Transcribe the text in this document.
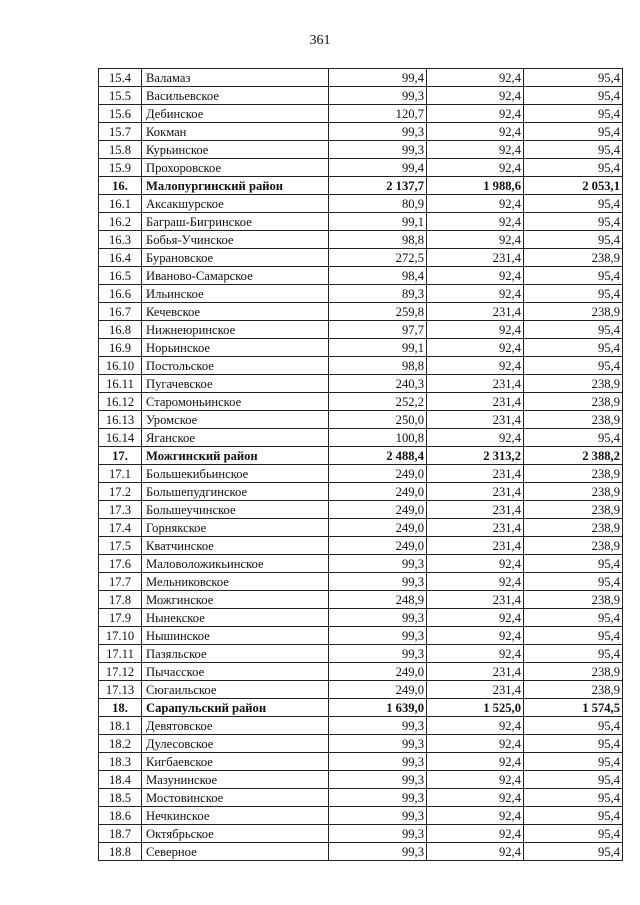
361
15.4	Валамаз	99,4	92,4	95,4
15.5	Васильевское	99,3	92,4	95,4
15.6	Дебинское	120,7	92,4	95,4
15.7	Кокман	99,3	92,4	95,4
15.8	Курьинское	99,3	92,4	95,4
15.9	Прохоровское	99,4	92,4	95,4
16.	Малопургинский район	2 137,7	1 988,6	2 053,1
16.1	Аксакшурское	80,9	92,4	95,4
16.2	Баграш-Бигринское	99,1	92,4	95,4
16.3	Бобья-Учинское	98,8	92,4	95,4
16.4	Бурановское	272,5	231,4	238,9
16.5	Иваново-Самарское	98,4	92,4	95,4
16.6	Ильинское	89,3	92,4	95,4
16.7	Кечевское	259,8	231,4	238,9
16.8	Нижнеюринское	97,7	92,4	95,4
16.9	Норьинское	99,1	92,4	95,4
16.10	Постольское	98,8	92,4	95,4
16.11	Пугачевское	240,3	231,4	238,9
16.12	Старомоньинское	252,2	231,4	238,9
16.13	Уромское	250,0	231,4	238,9
16.14	Яганское	100,8	92,4	95,4
17.	Можгинский район	2 488,4	2 313,2	2 388,2
17.1	Большекибьинское	249,0	231,4	238,9
17.2	Большепудгинское	249,0	231,4	238,9
17.3	Большеучинское	249,0	231,4	238,9
17.4	Горнякское	249,0	231,4	238,9
17.5	Кватчинское	249,0	231,4	238,9
17.6	Маловоложикьинское	99,3	92,4	95,4
17.7	Мельниковское	99,3	92,4	95,4
17.8	Можгинское	248,9	231,4	238,9
17.9	Нынекское	99,3	92,4	95,4
17.10	Нышинское	99,3	92,4	95,4
17.11	Пазяльское	99,3	92,4	95,4
17.12	Пычасское	249,0	231,4	238,9
17.13	Сюгаильское	249,0	231,4	238,9
18.	Сарапульский район	1 639,0	1 525,0	1 574,5
18.1	Девятовское	99,3	92,4	95,4
18.2	Дулесовское	99,3	92,4	95,4
18.3	Кигбаевское	99,3	92,4	95,4
18.4	Мазунинское	99,3	92,4	95,4
18.5	Мостовинское	99,3	92,4	95,4
18.6	Нечкинское	99,3	92,4	95,4
18.7	Октябрьское	99,3	92,4	95,4
18.8	Северное	99,3	92,4	95,4
